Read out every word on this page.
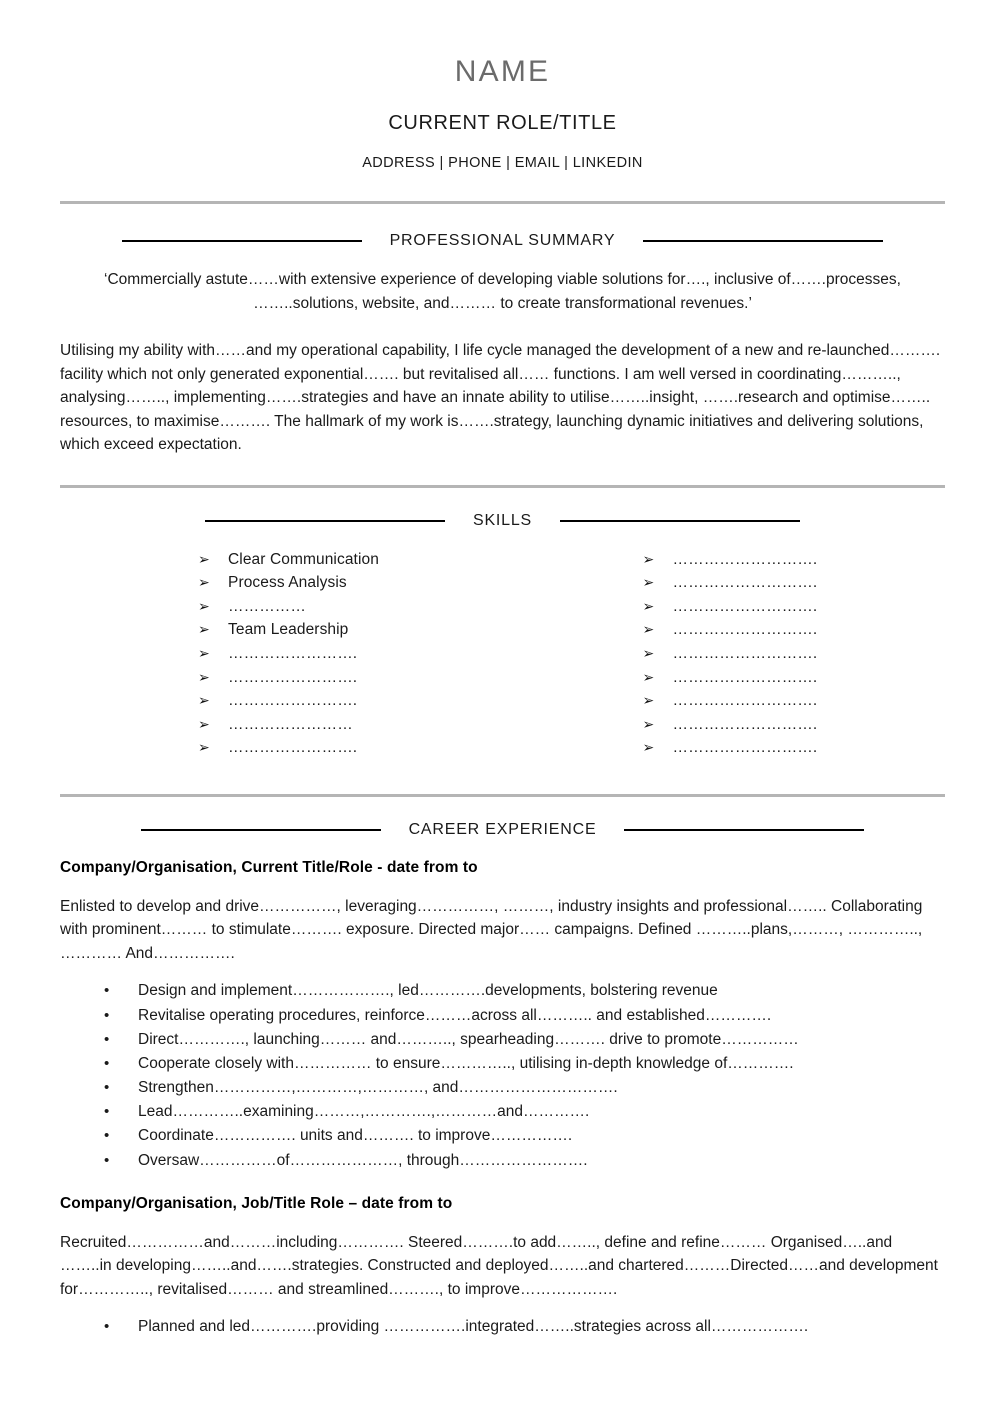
NAME
CURRENT ROLE/TITLE
ADDRESS | PHONE | EMAIL | LINKEDIN
PROFESSIONAL SUMMARY

‘Commercially astute……with extensive experience of developing viable solutions for…., inclusive of…….processes, ……..solutions, website, and……… to create transformational revenues.’

Utilising my ability with……and my operational capability, I life cycle managed the development of a new and re-launched………. facility which not only generated exponential……. but revitalised all…… functions. I am well versed in coordinating……….., analysing…….., implementing…….strategies and have an innate ability to utilise……..insight, …….research and optimise…….. resources, to maximise………. The hallmark of my work is…….strategy, launching dynamic initiatives and delivering solutions, which exceed expectation.

SKILLS
➢	Clear Communication
➢	Process Analysis
➢	……………
➢	Team Leadership
➢	…………………….
➢	…………………….
➢	…………………….
➢	……………………
➢	…………………….
➢	……………………….
➢	……………………….
➢	……………………….
➢	……………………….
➢	……………………….
➢	……………………….
➢	……………………….
➢	……………………….
➢	……………………….
CAREER EXPERIENCE

Company/Organisation, Current Title/Role - date from to

Enlisted to develop and drive……………, leveraging……………, ………, industry insights and professional…….. Collaborating with prominent……… to stimulate………. exposure. Directed major…… campaigns. Defined ………..plans,………, ………….., ………… And…………….

•	Design and implement………………., led………….developments, bolstering revenue
•	Revitalise operating procedures, reinforce………across all……….. and established………….
•	Direct…………., launching……… and……….., spearheading………. drive to promote……………
•	Cooperate closely with…………… to ensure………….., utilising in-depth knowledge of………….
•	Strengthen……………,…………,…………, and………………………….
•	Lead…………..examining………,………….,…………and………….
•	Coordinate……………. units and………. to improve…………….
•	Oversaw……………of…………………, through…………………….

Company/Organisation, Job/Title Role – date from to

Recruited……………and………including…………. Steered……….to add…….., define and refine……… Organised…..and ……..in developing……..and…….strategies. Constructed and deployed……..and chartered………Directed……and development for………….., revitalised……… and streamlined………., to improve……………….

•	Planned and led………….providing …………….integrated……..strategies across all……………….
